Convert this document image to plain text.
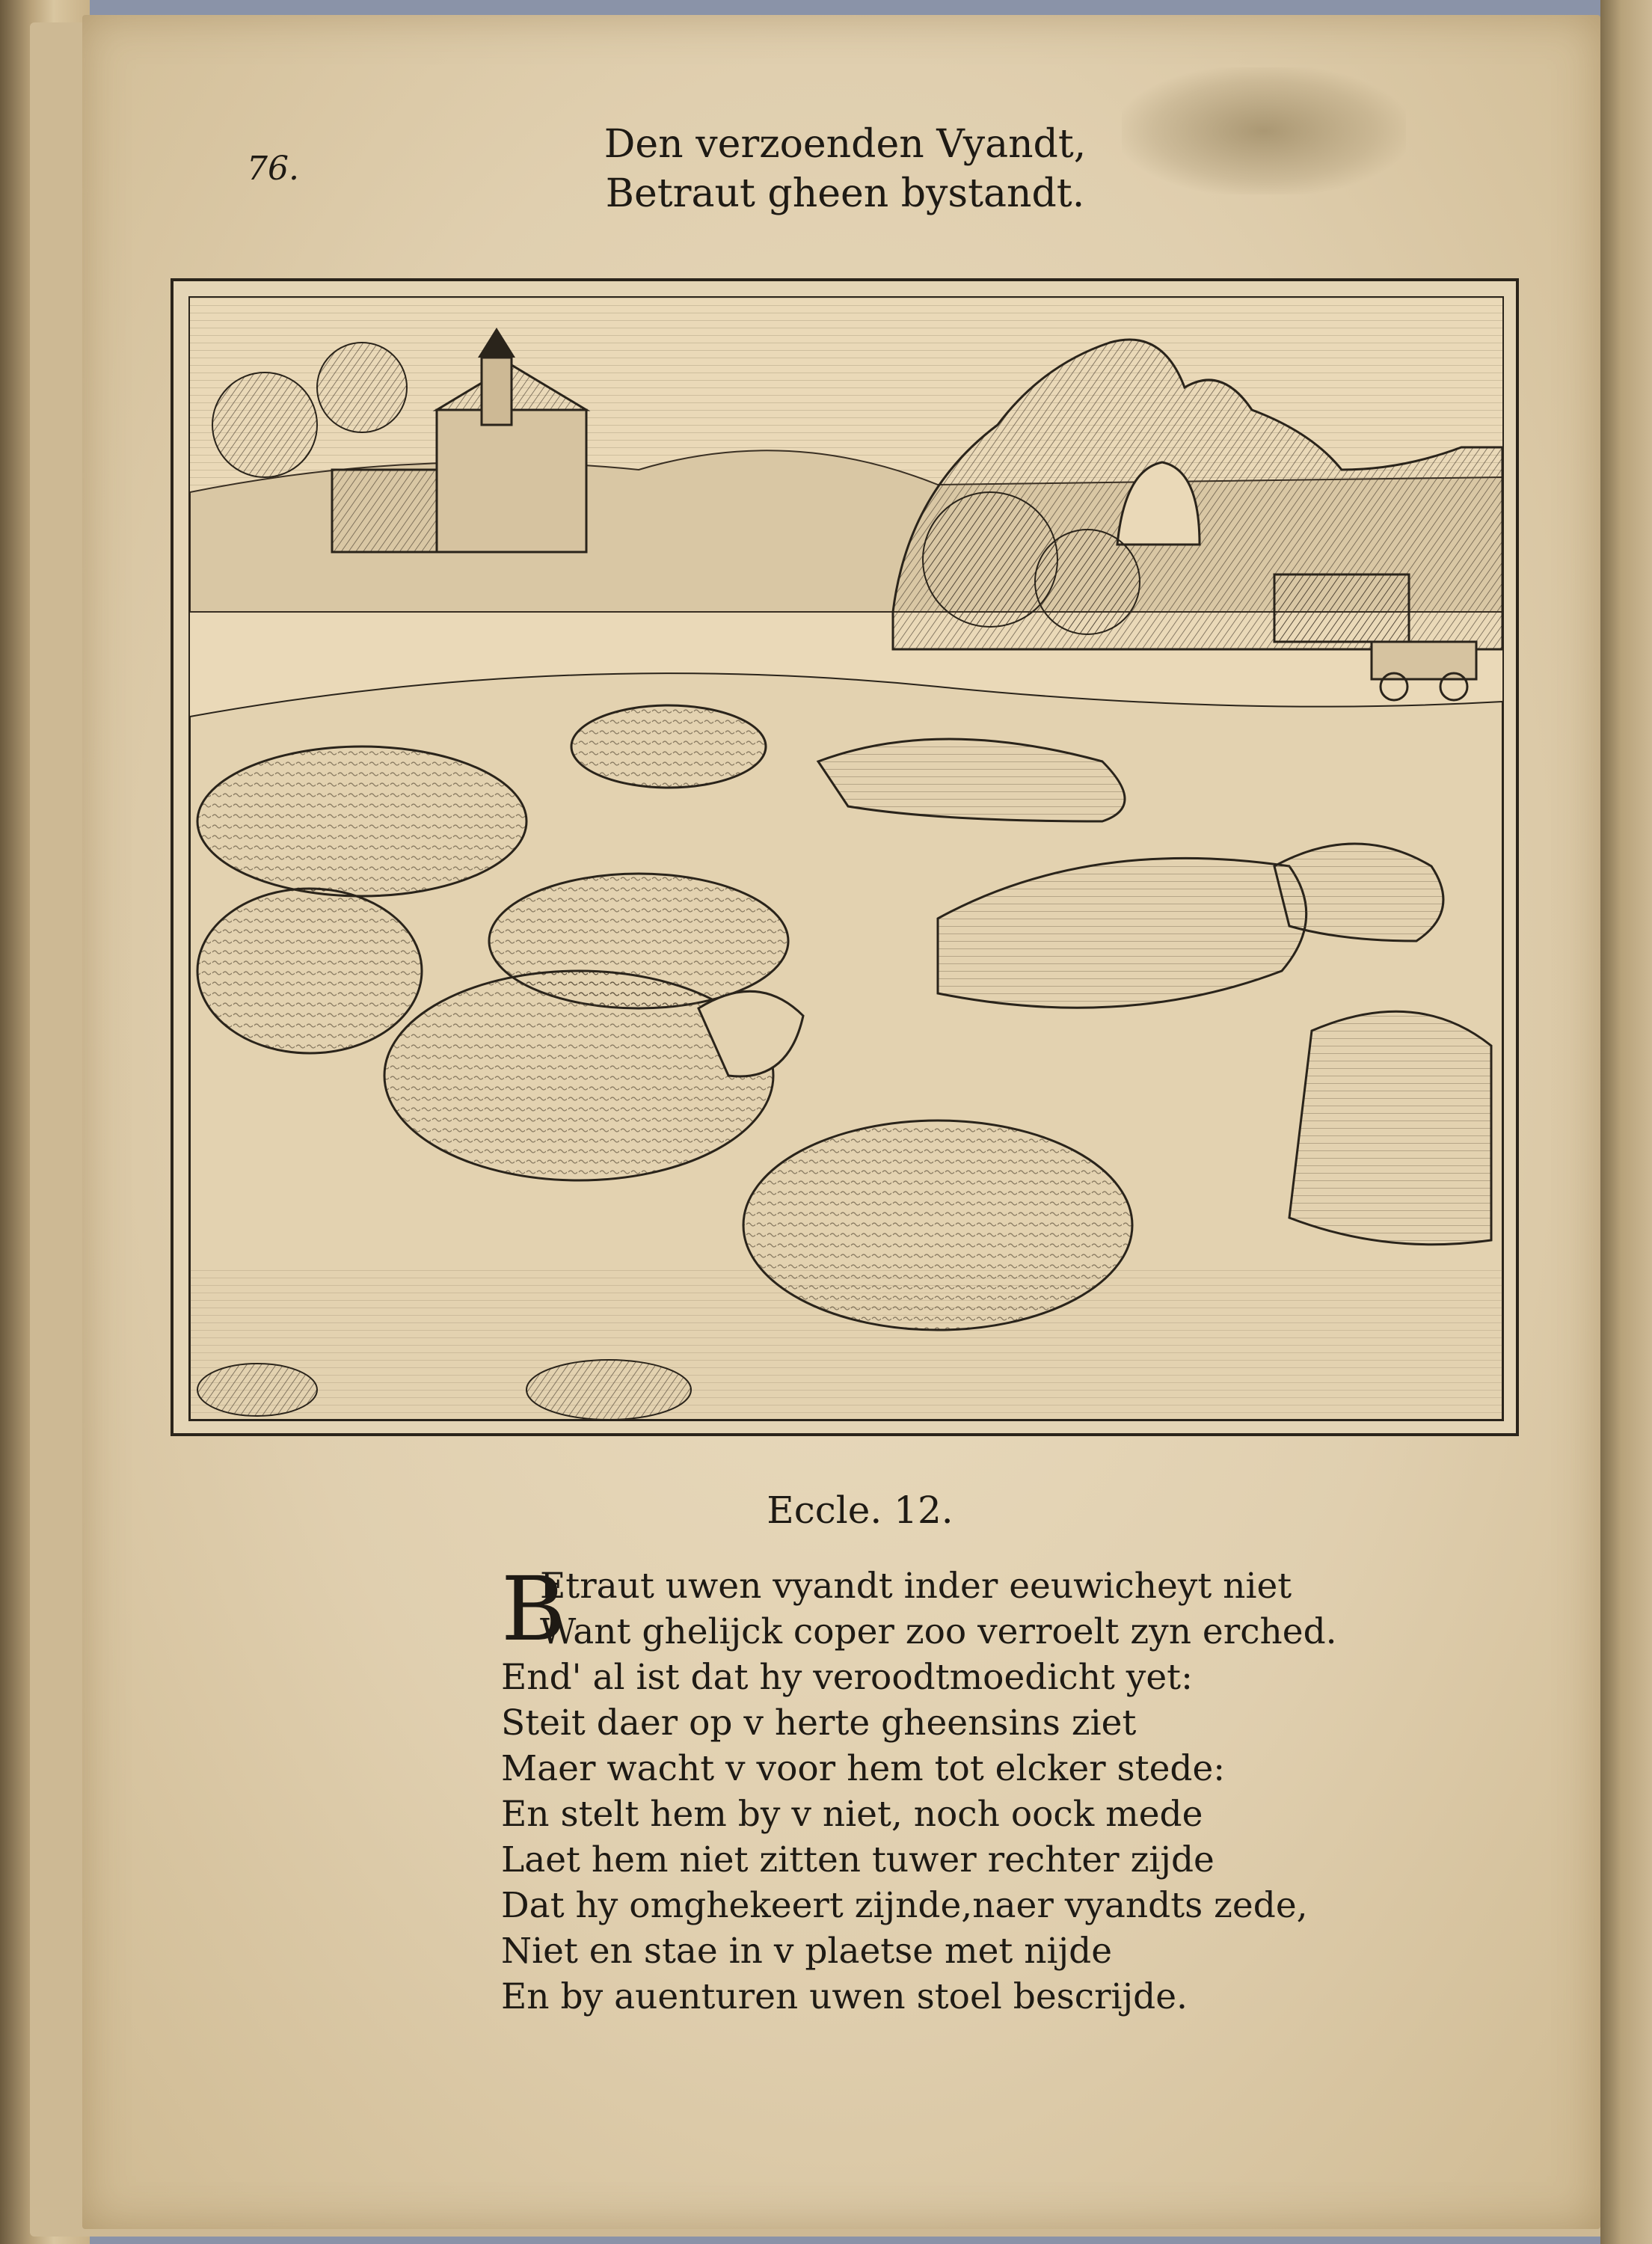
76.
Den verzoenden Vyandt,
Betraut gheen bystandt.
Eccle. 12.
B
Etraut uwen vyandt inder eeuwicheyt niet
Want ghelijck coper zoo verroelt zyn erched.
End' al ist dat hy veroodtmoedicht yet:
Steit daer op v herte gheensins ziet
Maer wacht v voor hem tot elcker stede:
En stelt hem by v niet, noch oock mede
Laet hem niet zitten tuwer rechter zijde
Dat hy omghekeert zijnde,naer vyandts zede,
Niet en stae in v plaetse met nijde
En by auenturen uwen stoel bescrijde.
